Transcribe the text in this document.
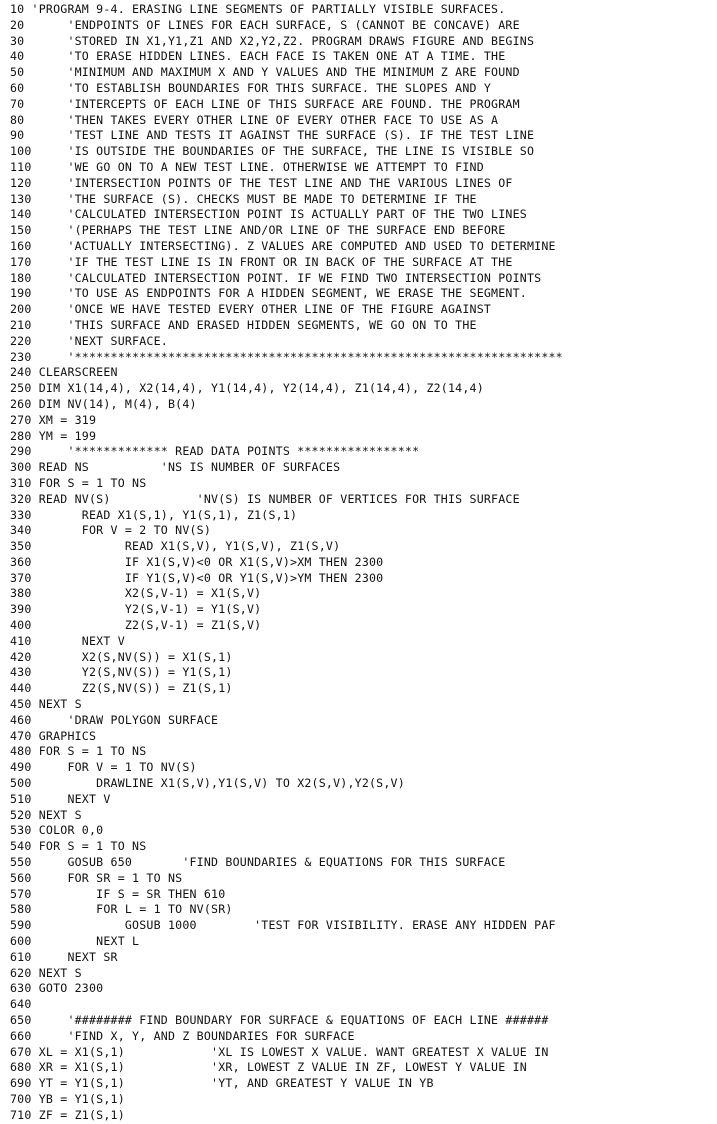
10 'PROGRAM 9-4. ERASING LINE SEGMENTS OF PARTIALLY VISIBLE SURFACES.
20      'ENDPOINTS OF LINES FOR EACH SURFACE, S (CANNOT BE CONCAVE) ARE
30      'STORED IN X1,Y1,Z1 AND X2,Y2,Z2. PROGRAM DRAWS FIGURE AND BEGINS
40      'TO ERASE HIDDEN LINES. EACH FACE IS TAKEN ONE AT A TIME. THE
50      'MINIMUM AND MAXIMUM X AND Y VALUES AND THE MINIMUM Z ARE FOUND
60      'TO ESTABLISH BOUNDARIES FOR THIS SURFACE. THE SLOPES AND Y
70      'INTERCEPTS OF EACH LINE OF THIS SURFACE ARE FOUND. THE PROGRAM
80      'THEN TAKES EVERY OTHER LINE OF EVERY OTHER FACE TO USE AS A
90      'TEST LINE AND TESTS IT AGAINST THE SURFACE (S). IF THE TEST LINE
100     'IS OUTSIDE THE BOUNDARIES OF THE SURFACE, THE LINE IS VISIBLE SO
110     'WE GO ON TO A NEW TEST LINE. OTHERWISE WE ATTEMPT TO FIND
120     'INTERSECTION POINTS OF THE TEST LINE AND THE VARIOUS LINES OF
130     'THE SURFACE (S). CHECKS MUST BE MADE TO DETERMINE IF THE
140     'CALCULATED INTERSECTION POINT IS ACTUALLY PART OF THE TWO LINES
150     '(PERHAPS THE TEST LINE AND/OR LINE OF THE SURFACE END BEFORE
160     'ACTUALLY INTERSECTING). Z VALUES ARE COMPUTED AND USED TO DETERMINE
170     'IF THE TEST LINE IS IN FRONT OR IN BACK OF THE SURFACE AT THE
180     'CALCULATED INTERSECTION POINT. IF WE FIND TWO INTERSECTION POINTS
190     'TO USE AS ENDPOINTS FOR A HIDDEN SEGMENT, WE ERASE THE SEGMENT.
200     'ONCE WE HAVE TESTED EVERY OTHER LINE OF THE FIGURE AGAINST
210     'THIS SURFACE AND ERASED HIDDEN SEGMENTS, WE GO ON TO THE
220     'NEXT SURFACE.
230     '********************************************************************
240 CLEARSCREEN
250 DIM X1(14,4), X2(14,4), Y1(14,4), Y2(14,4), Z1(14,4), Z2(14,4)
260 DIM NV(14), M(4), B(4)
270 XM = 319
280 YM = 199
290     '************* READ DATA POINTS *****************
300 READ NS          'NS IS NUMBER OF SURFACES
310 FOR S = 1 TO NS
320 READ NV(S)            'NV(S) IS NUMBER OF VERTICES FOR THIS SURFACE
330       READ X1(S,1), Y1(S,1), Z1(S,1)
340       FOR V = 2 TO NV(S)
350             READ X1(S,V), Y1(S,V), Z1(S,V)
360             IF X1(S,V)<0 OR X1(S,V)>XM THEN 2300
370             IF Y1(S,V)<0 OR Y1(S,V)>YM THEN 2300
380             X2(S,V-1) = X1(S,V)
390             Y2(S,V-1) = Y1(S,V)
400             Z2(S,V-1) = Z1(S,V)
410       NEXT V
420       X2(S,NV(S)) = X1(S,1)
430       Y2(S,NV(S)) = Y1(S,1)
440       Z2(S,NV(S)) = Z1(S,1)
450 NEXT S
460     'DRAW POLYGON SURFACE
470 GRAPHICS
480 FOR S = 1 TO NS
490     FOR V = 1 TO NV(S)
500         DRAWLINE X1(S,V),Y1(S,V) TO X2(S,V),Y2(S,V)
510     NEXT V
520 NEXT S
530 COLOR 0,0
540 FOR S = 1 TO NS
550     GOSUB 650       'FIND BOUNDARIES & EQUATIONS FOR THIS SURFACE
560     FOR SR = 1 TO NS
570         IF S = SR THEN 610
580         FOR L = 1 TO NV(SR)
590             GOSUB 1000        'TEST FOR VISIBILITY. ERASE ANY HIDDEN PAF
600         NEXT L
610     NEXT SR
620 NEXT S
630 GOTO 2300
640
650     '######## FIND BOUNDARY FOR SURFACE & EQUATIONS OF EACH LINE ######
660     'FIND X, Y, AND Z BOUNDARIES FOR SURFACE
670 XL = X1(S,1)            'XL IS LOWEST X VALUE. WANT GREATEST X VALUE IN
680 XR = X1(S,1)            'XR, LOWEST Z VALUE IN ZF, LOWEST Y VALUE IN
690 YT = Y1(S,1)            'YT, AND GREATEST Y VALUE IN YB
700 YB = Y1(S,1)
710 ZF = Z1(S,1)
